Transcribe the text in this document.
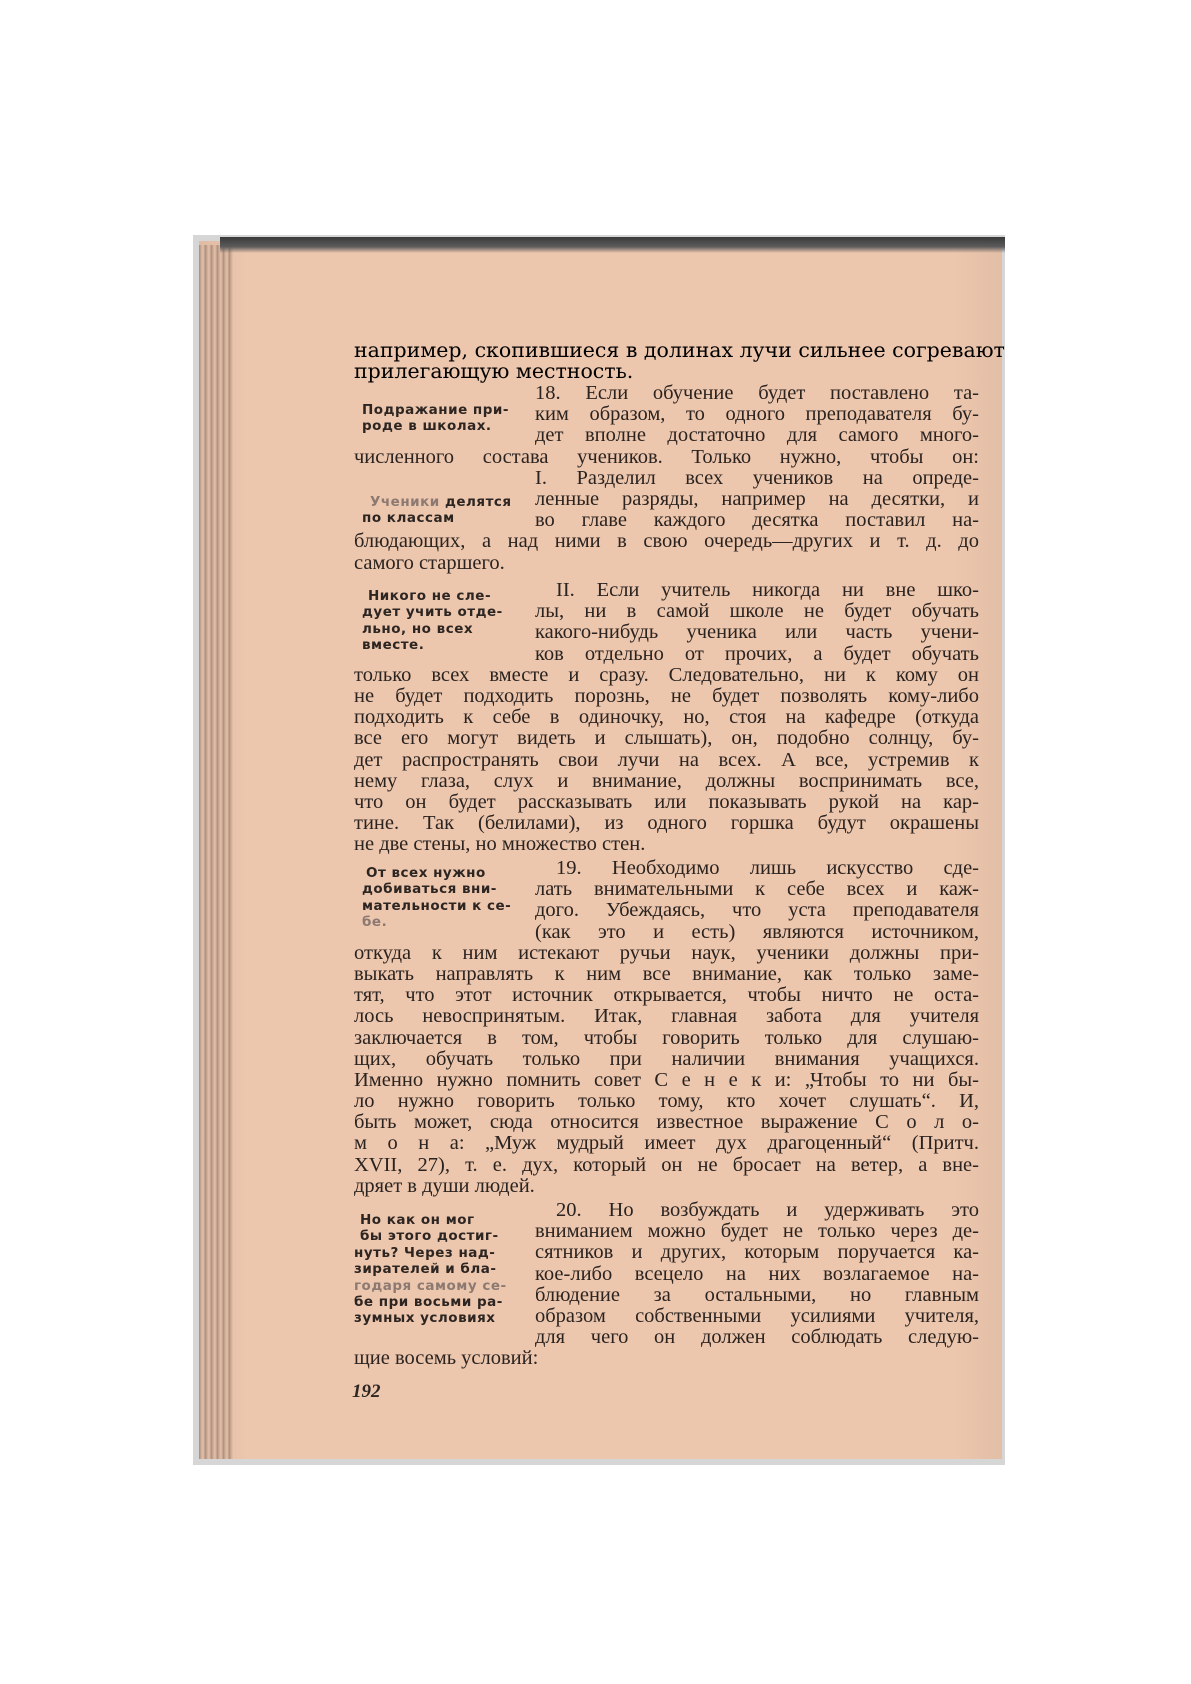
например, скопившиеся в долинах лучи сильнее согревают
прилегающую местность.
18. Если обучение будет поставлено та-
ким образом, то одного преподавателя бу-
дет вполне достаточно для самого много-
численного состава учеников. Только нужно, чтобы он:
I. Разделил всех учеников на опреде-
ленные разряды, например на десятки, и
во главе каждого десятка поставил на-
блюдающих, а над ними в свою очередь—других и т. д. до
самого старшего.
II. Если учитель никогда ни вне шко-
лы, ни в самой школе не будет обучать
какого-нибудь ученика или часть учени-
ков отдельно от прочих, а будет обучать
только всех вместе и сразу. Следовательно, ни к кому он
не будет подходить порознь, не будет позволять кому-либо
подходить к себе в одиночку, но, стоя на кафедре (откуда
все его могут видеть и слышать), он, подобно солнцу, бу-
дет распространять свои лучи на всех. А все, устремив к
нему глаза, слух и внимание, должны воспринимать все,
что он будет рассказывать или показывать рукой на кар-
тине. Так (белилами), из одного горшка будут окрашены
не две стены, но множество стен.
19. Необходимо лишь искусство сде-
лать внимательными к себе всех и каж-
дого. Убеждаясь, что уста преподавателя
(как это и есть) являются источником,
откуда к ним истекают ручьи наук, ученики должны при-
выкать направлять к ним все внимание, как только заме-
тят, что этот источник открывается, чтобы ничто не оста-
лось невоспринятым. Итак, главная забота для учителя
заключается в том, чтобы говорить только для слушаю-
щих, обучать только при наличии внимания учащихся.
Именно нужно помнить совет С е н е к и: „Чтобы то ни бы-
ло нужно говорить только тому, кто хочет слушать“. И,
быть может, сюда относится известное выражение С о л о-
м о н а: „Муж мудрый имеет дух драгоценный“ (Притч.
XVII, 27), т. е. дух, который он не бросает на ветер, а вне-
дряет в души людей.
20. Но возбуждать и удерживать это
вниманием можно будет не только через де-
сятников и других, которым поручается ка-
кое-либо всецело на них возлагаемое на-
блюдение за остальными, но главным
образом собственными усилиями учителя,
для чего он должен соблюдать следую-
щие восемь условий:
Подражание при-
роде в школах.
Ученики делятся
по классам
Никого не сле-
дует учить отде-
льно, но всех
вместе.
От всех нужно
добиваться вни-
мательности к се-
бе.
Но как он мог
бы этого достиг-
нуть? Через над-
зирателей и бла-
годаря самому се-
бе при восьми ра-
зумных условиях
192
